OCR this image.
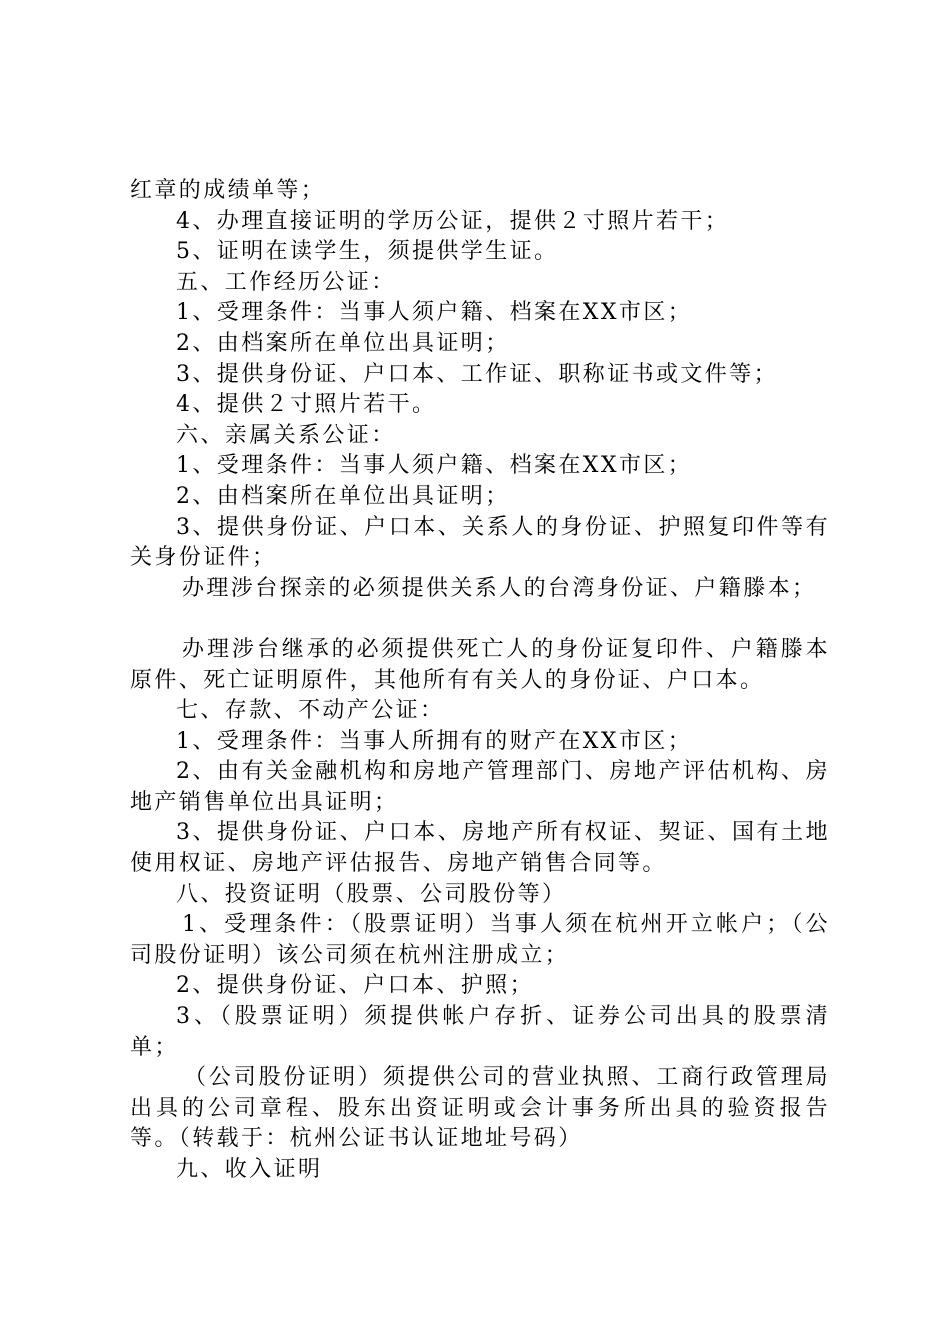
红章的成绩单等；

4、办理直接证明的学历公证，提供２寸照片若干；

5、证明在读学生，须提供学生证。

五、工作经历公证：

1、受理条件：当事人须户籍、档案在XX市区；

2、由档案所在单位出具证明；

3、提供身份证、户口本、工作证、职称证书或文件等；

4、提供２寸照片若干。

六、亲属关系公证：

1、受理条件：当事人须户籍、档案在XX市区；

2、由档案所在单位出具证明；

3、提供身份证、户口本、关系人的身份证、护照复印件等有关身份证件；

办理涉台探亲的必须提供关系人的台湾身份证、户籍滕本；

办理涉台继承的必须提供死亡人的身份证复印件、户籍滕本原件、死亡证明原件，其他所有有关人的身份证、户口本。

七、存款、不动产公证：

1、受理条件：当事人所拥有的财产在XX市区；

2、由有关金融机构和房地产管理部门、房地产评估机构、房地产销售单位出具证明；

3、提供身份证、户口本、房地产所有权证、契证、国有土地使用权证、房地产评估报告、房地产销售合同等。

八、投资证明（股票、公司股份等）

1、受理条件：（股票证明）当事人须在杭州开立帐户；（公司股份证明）该公司须在杭州注册成立；

2、提供身份证、户口本、护照；

3、（股票证明）须提供帐户存折、证券公司出具的股票清单；

（公司股份证明）须提供公司的营业执照、工商行政管理局出具的公司章程、股东出资证明或会计事务所出具的验资报告等。（转载于：杭州公证书认证地址号码）

九、收入证明
